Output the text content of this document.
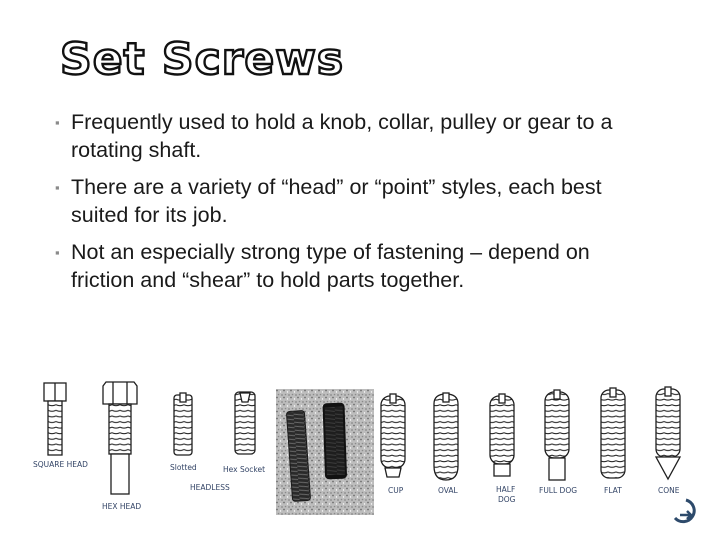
Set Screws
▪ Frequently used to hold a knob, collar, pulley or gear to a rotating shaft.
▪ There are a variety of “head” or “point” styles, each best suited for its job.
▪ Not an especially strong type of fastening – depend on friction and “shear” to hold parts together.
SQUARE HEAD
HEX HEAD
Slotted	Hex Socket
HEADLESS	CUP	OVAL	HALF
DOG
FULL DOG	FLAT	CONE
